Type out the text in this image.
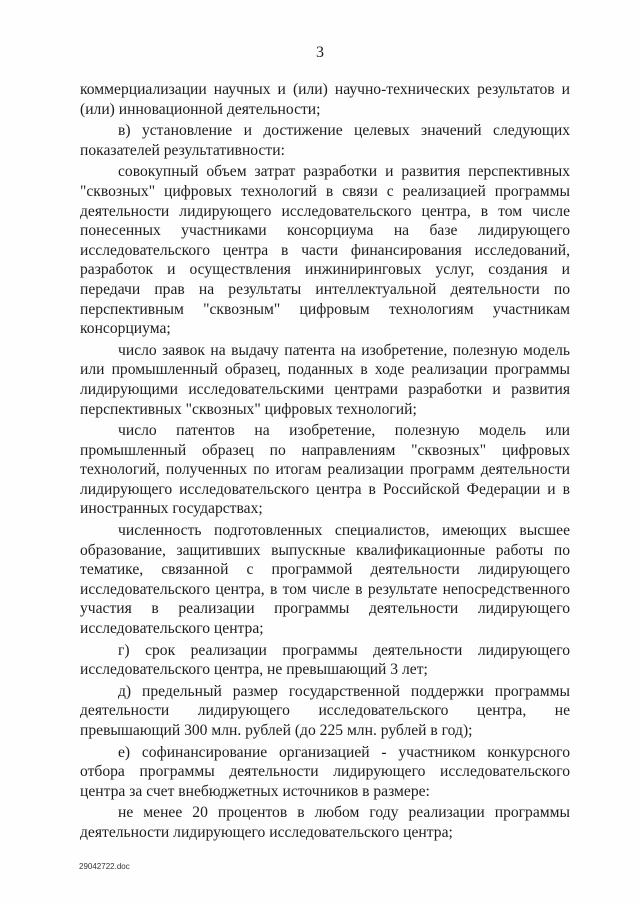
3

коммерциализации научных и (или) научно-технических результатов и (или) инновационной деятельности;

в) установление и достижение целевых значений следующих показателей результативности:

совокупный объем затрат разработки и развития перспективных "сквозных" цифровых технологий в связи с реализацией программы деятельности лидирующего исследовательского центра, в том числе понесенных участниками консорциума на базе лидирующего исследовательского центра в части финансирования исследований, разработок и осуществления инжиниринговых услуг, создания и передачи прав на результаты интеллектуальной деятельности по перспективным "сквозным" цифровым технологиям участникам консорциума;

число заявок на выдачу патента на изобретение, полезную модель или промышленный образец, поданных в ходе реализации программы лидирующими исследовательскими центрами разработки и развития перспективных "сквозных" цифровых технологий;

число патентов на изобретение, полезную модель или промышленный образец по направлениям "сквозных" цифровых технологий, полученных по итогам реализации программ деятельности лидирующего исследовательского центра в Российской Федерации и в иностранных государствах;

численность подготовленных специалистов, имеющих высшее образование, защитивших выпускные квалификационные работы по тематике, связанной с программой деятельности лидирующего исследовательского центра, в том числе в результате непосредственного участия в реализации программы деятельности лидирующего исследовательского центра;

г) срок реализации программы деятельности лидирующего исследовательского центра, не превышающий 3 лет;

д) предельный размер государственной поддержки программы деятельности лидирующего исследовательского центра, не превышающий 300 млн. рублей (до 225 млн. рублей в год);

е) софинансирование организацией - участником конкурсного отбора программы деятельности лидирующего исследовательского центра за счет внебюджетных источников в размере:

не менее 20 процентов в любом году реализации программы деятельности лидирующего исследовательского центра;

29042722.doc
